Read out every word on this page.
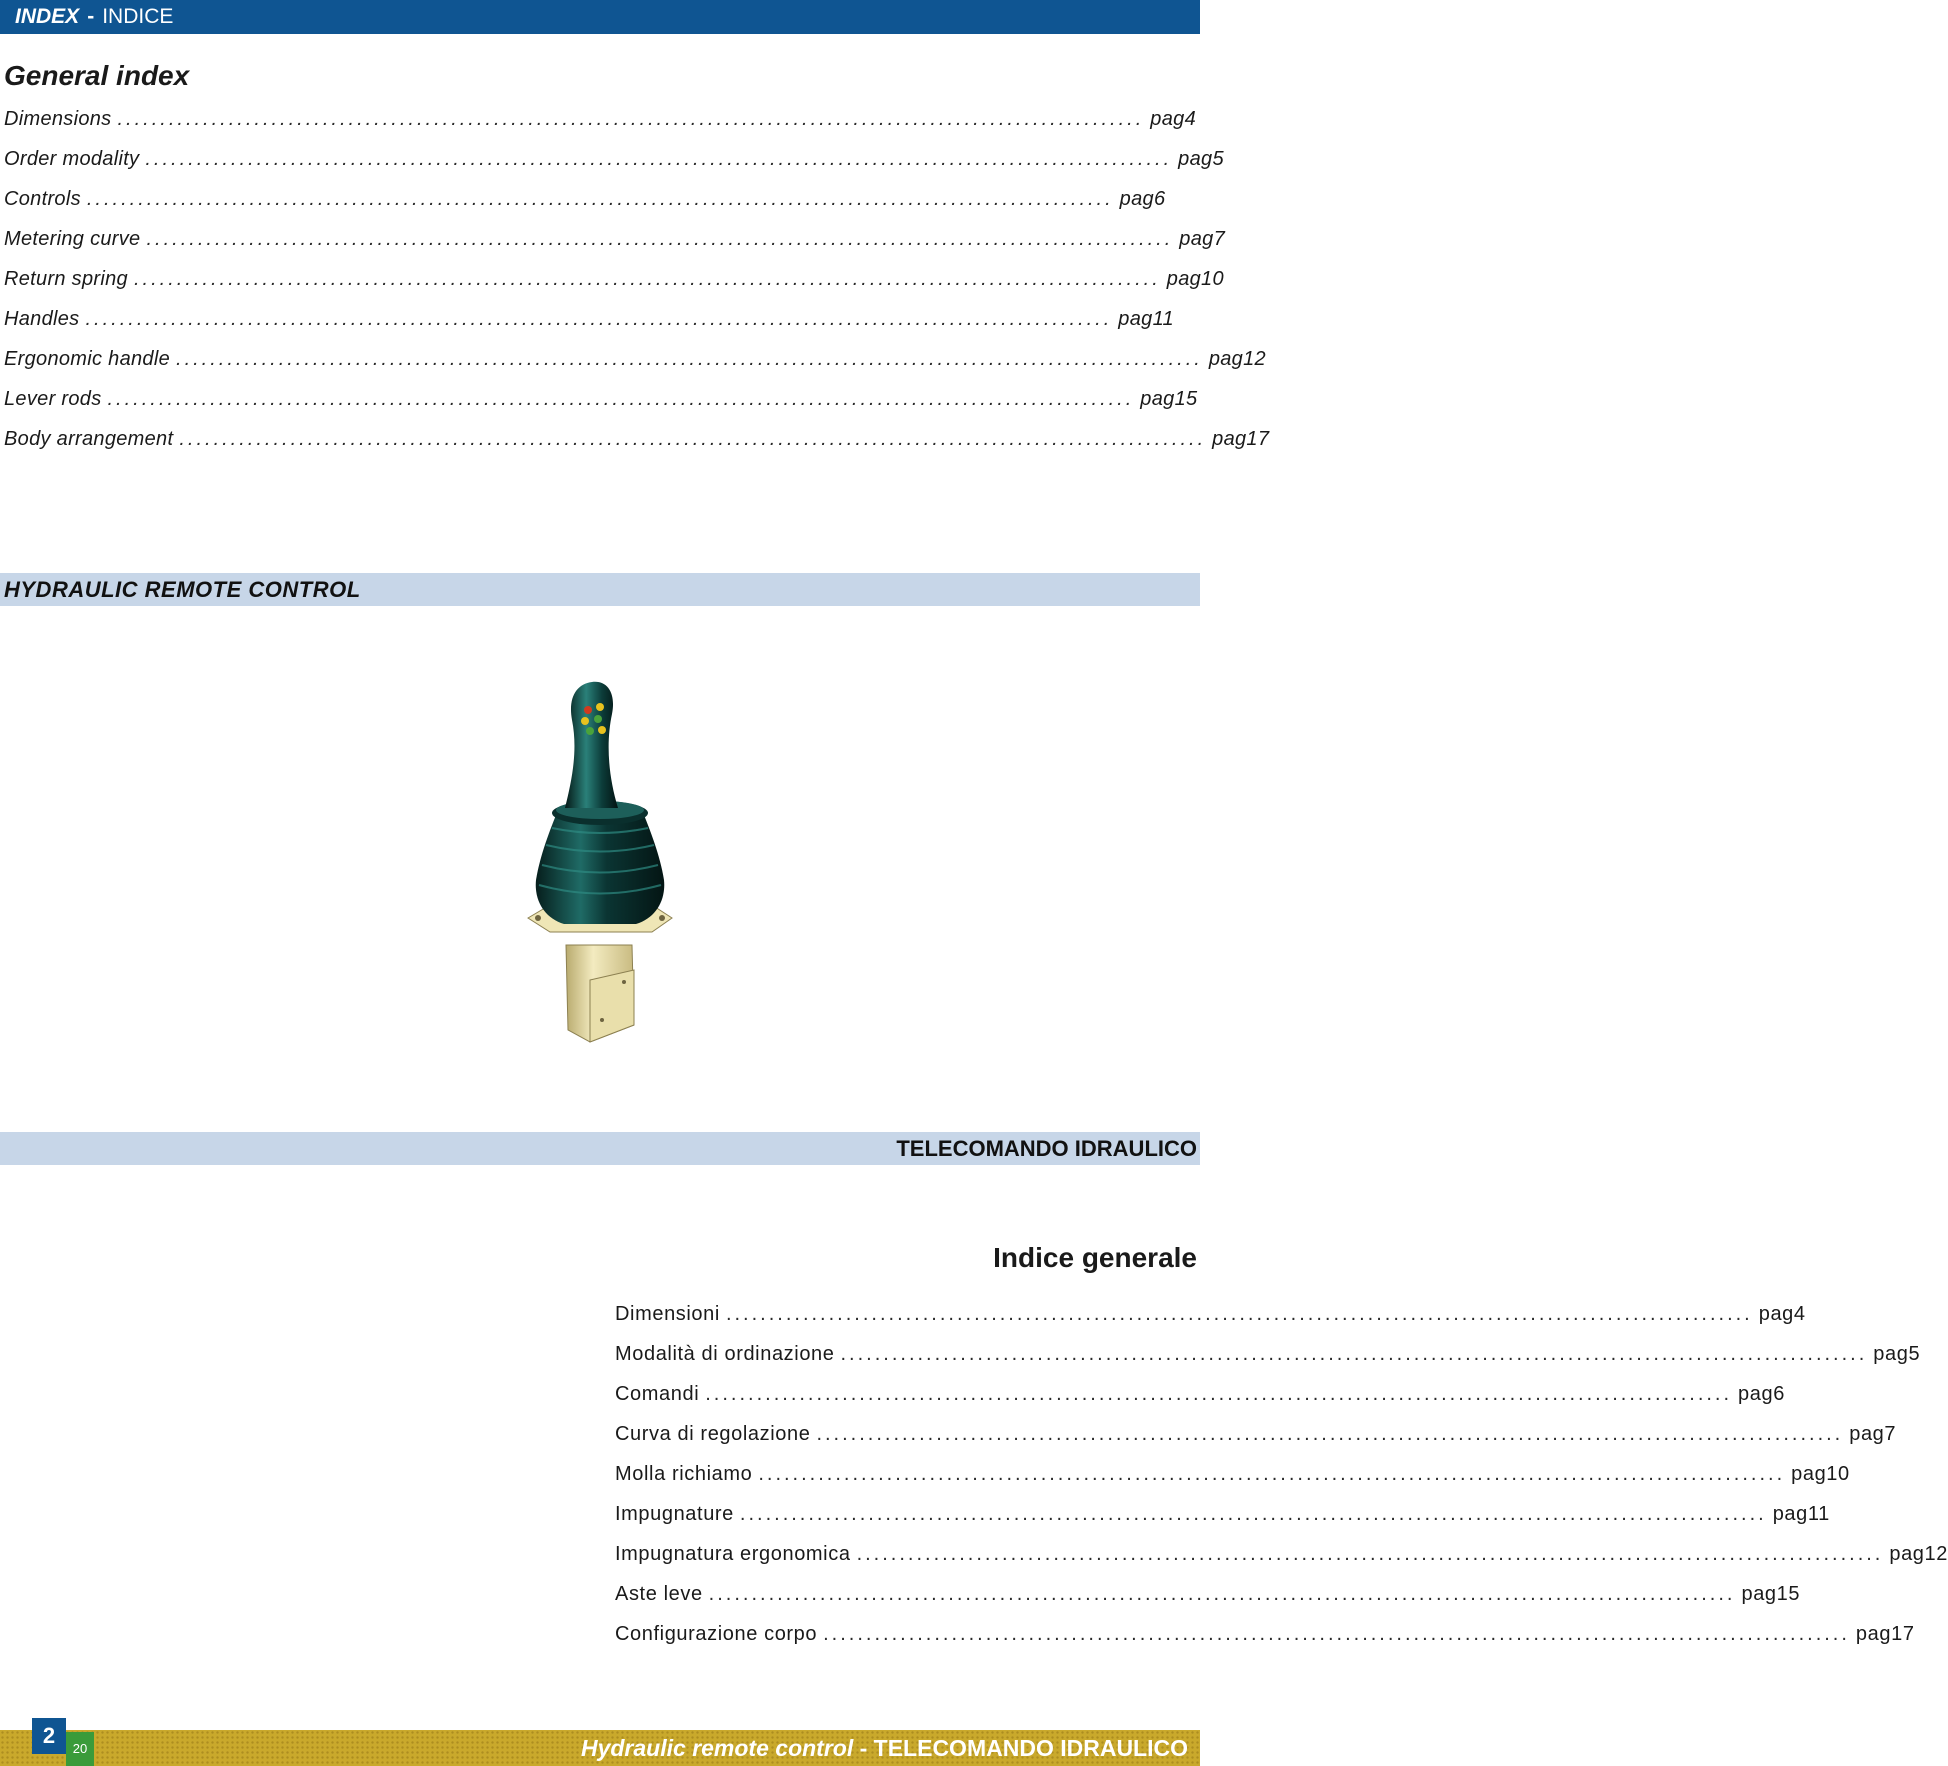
INDEX - INDICE
General index
Dimensions ........................................................................................................................ pag 4
Order modality ........................................................................................................................ pag 5
Controls ........................................................................................................................ pag 6
Metering curve ........................................................................................................................ pag 7
Return spring ........................................................................................................................ pag 10
Handles ........................................................................................................................ pag 11
Ergonomic handle ........................................................................................................................ pag 12
Lever rods ........................................................................................................................ pag 15
Body arrangement ........................................................................................................................ pag 17
HYDRAULIC REMOTE CONTROL
TELECOMANDO IDRAULICO
Indice generale
Dimensioni ........................................................................................................................ pag 4
Modalità di ordinazione ........................................................................................................................ pag 5
Comandi ........................................................................................................................ pag 6
Curva di regolazione ........................................................................................................................ pag 7
Molla richiamo ........................................................................................................................ pag 10
Impugnature ........................................................................................................................ pag 11
Impugnatura ergonomica ........................................................................................................................ pag 12
Aste leve ........................................................................................................................ pag 15
Configurazione corpo ........................................................................................................................ pag 17
Hydraulic remote control - TELECOMANDO IDRAULICO
2
20
